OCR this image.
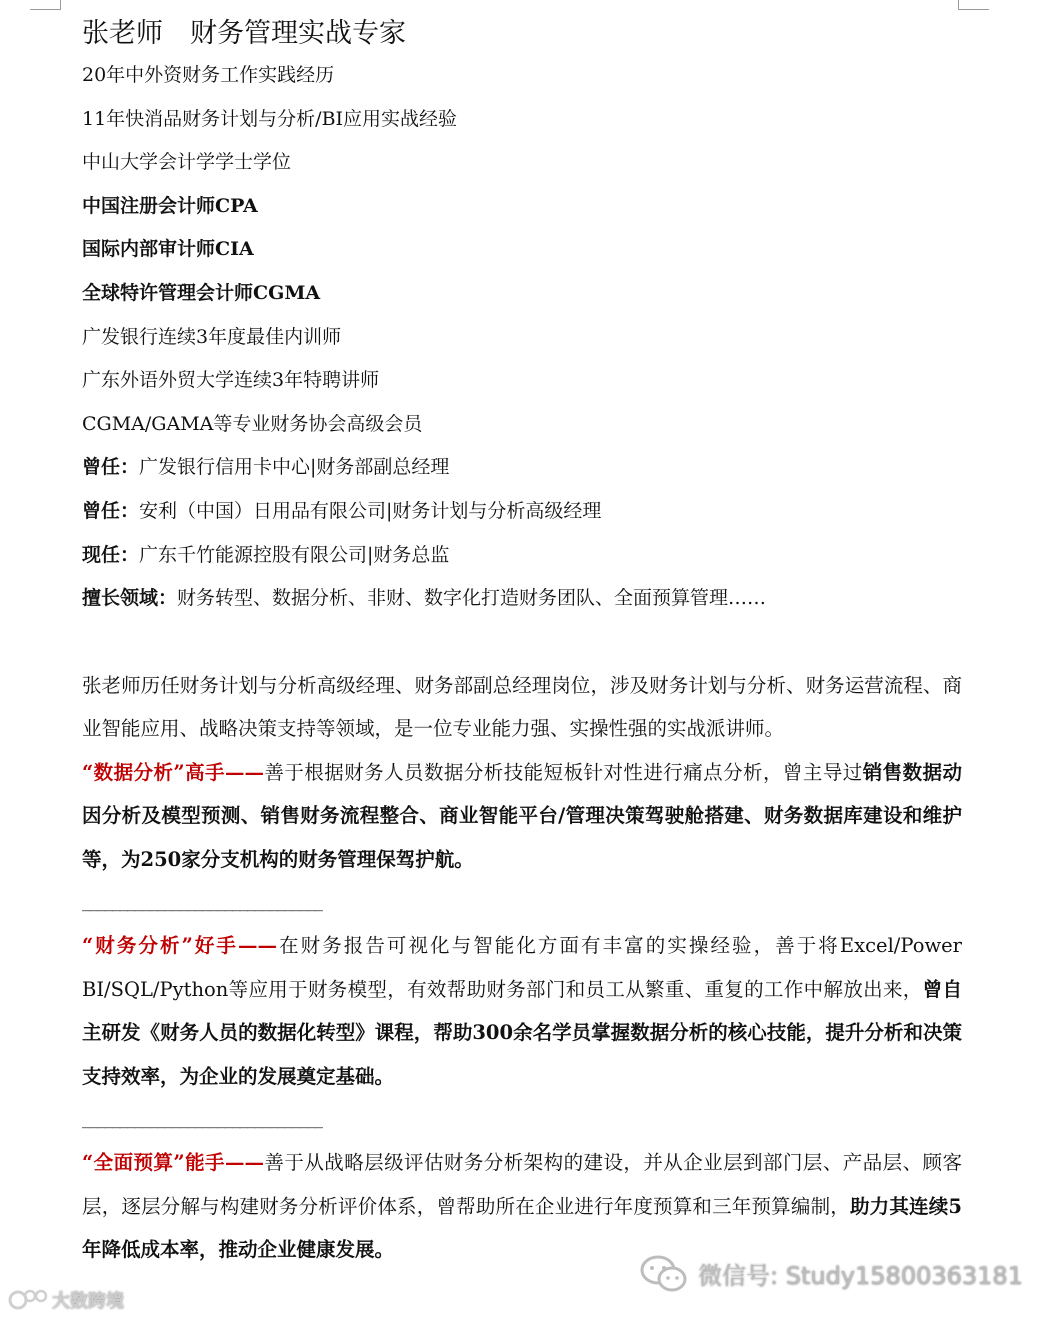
张老师　财务管理实战专家
20年中外资财务工作实践经历
11年快消品财务计划与分析/BI应用实战经验
中山大学会计学学士学位
中国注册会计师CPA
国际内部审计师CIA
全球特许管理会计师CGMA
广发银行连续3年度最佳内训师
广东外语外贸大学连续3年特聘讲师
CGMA/GAMA等专业财务协会高级会员
曾任：广发银行信用卡中心|财务部副总经理
曾任：安利（中国）日用品有限公司|财务计划与分析高级经理
现任：广东千竹能源控股有限公司|财务总监
擅长领域：财务转型、数据分析、非财、数字化打造财务团队、全面预算管理……

张老师历任财务计划与分析高级经理、财务部副总经理岗位，涉及财务计划与分析、财务运营流程、商业智能应用、战略决策支持等领域，是一位专业能力强、实操性强的实战派讲师。

“数据分析”高手——善于根据财务人员数据分析技能短板针对性进行痛点分析，曾主导过销售数据动因分析及模型预测、销售财务流程整合、商业智能平台/管理决策驾驶舱搭建、财务数据库建设和维护等，为250家分支机构的财务管理保驾护航。

________________________________

“财务分析”好手——在财务报告可视化与智能化方面有丰富的实操经验，善于将Excel/Power BI/SQL/Python等应用于财务模型，有效帮助财务部门和员工从繁重、重复的工作中解放出来，曾自主研发《财务人员的数据化转型》课程，帮助300余名学员掌握数据分析的核心技能，提升分析和决策支持效率，为企业的发展奠定基础。

________________________________

“全面预算”能手——善于从战略层级评估财务分析架构的建设，并从企业层到部门层、产品层、顾客层，逐层分解与构建财务分析评价体系，曾帮助所在企业进行年度预算和三年预算编制，助力其连续5年降低成本率，推动企业健康发展。

微信号: Study15800363181
大数跨境
